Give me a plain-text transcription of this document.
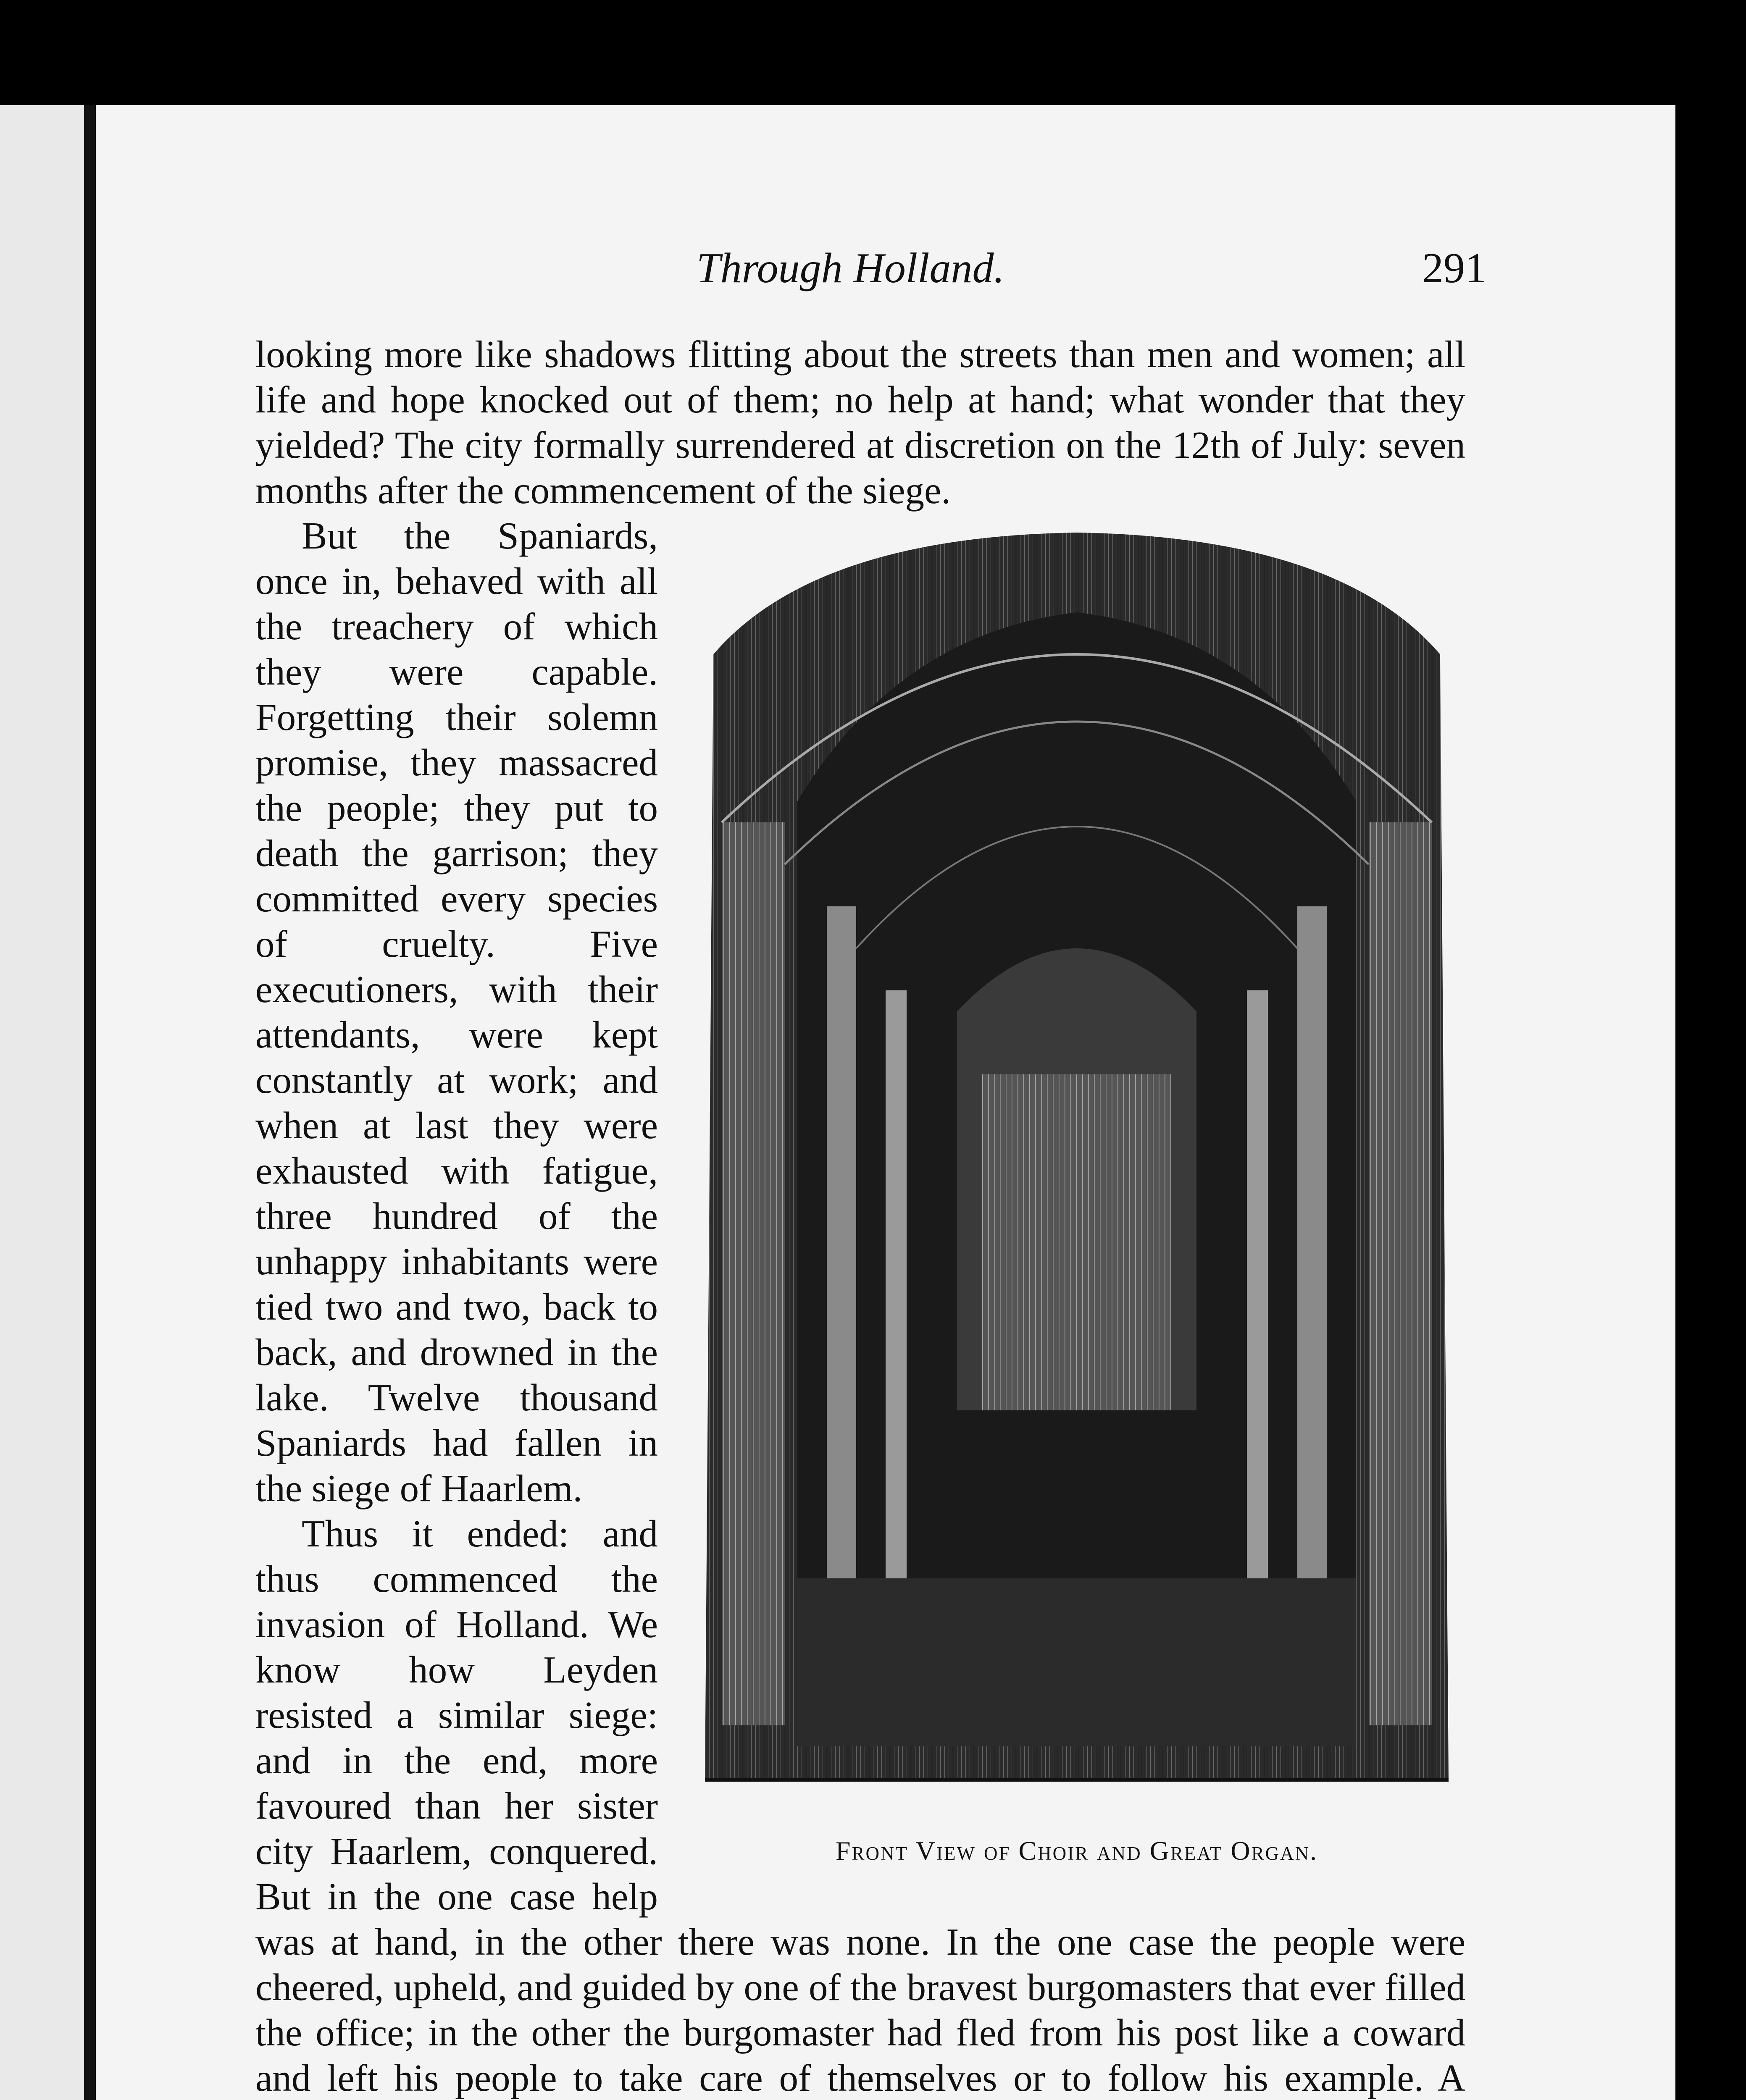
Through Holland.	291

looking more like shadows flitting about the streets than men and women; all life and hope knocked out of them; no help at hand; what wonder that they yielded? The city formally surrendered at discretion on the 12th of July: seven months after the commencement of the siege.

Front View of Choir and Great Organ.

But the Spaniards, once in, behaved with all the treachery of which they were capable. Forgetting their solemn promise, they massacred the people; they put to death the garrison; they committed every species of cruelty. Five executioners, with their attendants, were kept constantly at work; and when at last they were exhausted with fatigue, three hundred of the unhappy inhabitants were tied two and two, back to back, and drowned in the lake. Twelve thousand Spaniards had fallen in the siege of Haarlem.

Thus it ended: and thus commenced the invasion of Holland. We know how Leyden resisted a similar siege: and in the end, more favoured than her sister city Haarlem, conquered. But in the one case help was at hand, in the other there was none. In the one case the people were cheered, upheld, and guided by one of the bravest burgomasters that ever filled the office; in the other the burgomaster had fled from his post like a coward and left his people to take care of themselves or to follow his example. A
